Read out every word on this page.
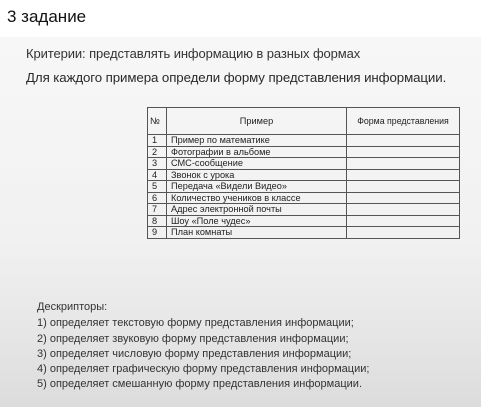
3 задание
Критерии: представлять информацию в разных формах
Для каждого примера определи форму представления информации.
№	Пример	Форма представления
1	Пример по математике	
2	Фотографии в альбоме	
3	СМС-сообщение	
4	Звонок с урока	
5	Передача «Видели Видео»	
6	Количество учеников в классе	
7	Адрес электронной почты	
8	Шоу «Поле чудес»	
9	План комнаты	
Дескрипторы:
1) определяет текстовую форму представления информации;
2) определяет звуковую форму представления информации;
3) определяет числовую форму представления информации;
4) определяет графическую форму представления информации;
5) определяет смешанную форму представления информации.
